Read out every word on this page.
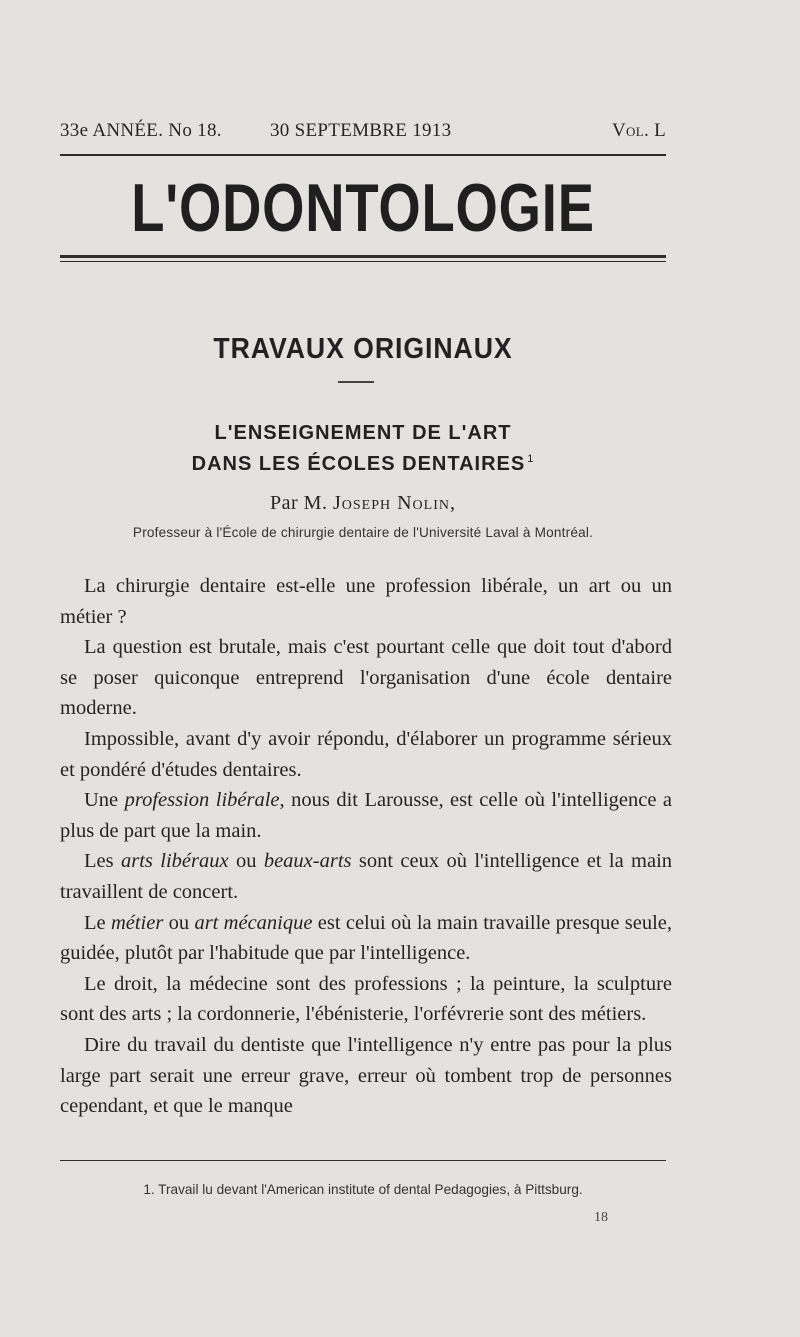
33e ANNÉE. No 18.	30 SEPTEMBRE 1913	Vol. L
L'ODONTOLOGIE
TRAVAUX ORIGINAUX
L'ENSEIGNEMENT DE L'ART
DANS LES ÉCOLES DENTAIRES $^1$
Par M. Joseph Nolin,
Professeur à l'École de chirurgie dentaire de l'Université Laval à Montréal.

La chirurgie dentaire est-elle une profession libérale, un art ou un métier ?

La question est brutale, mais c'est pourtant celle que doit tout d'abord se poser quiconque entreprend l'organisation d'une école dentaire moderne.

Impossible, avant d'y avoir répondu, d'élaborer un programme sérieux et pondéré d'études dentaires.

Une profession libérale, nous dit Larousse, est celle où l'intelligence a plus de part que la main.

Les arts libéraux ou beaux-arts sont ceux où l'intelligence et la main travaillent de concert.

Le métier ou art mécanique est celui où la main travaille presque seule, guidée, plutôt par l'habitude que par l'intelligence.

Le droit, la médecine sont des professions ; la peinture, la sculpture sont des arts ; la cordonnerie, l'ébénisterie, l'orfévrerie sont des métiers.

Dire du travail du dentiste que l'intelligence n'y entre pas pour la plus large part serait une erreur grave, erreur où tombent trop de personnes cependant, et que le manque

1. Travail lu devant l'American institute of dental Pedagogies, à Pittsburg.
18
